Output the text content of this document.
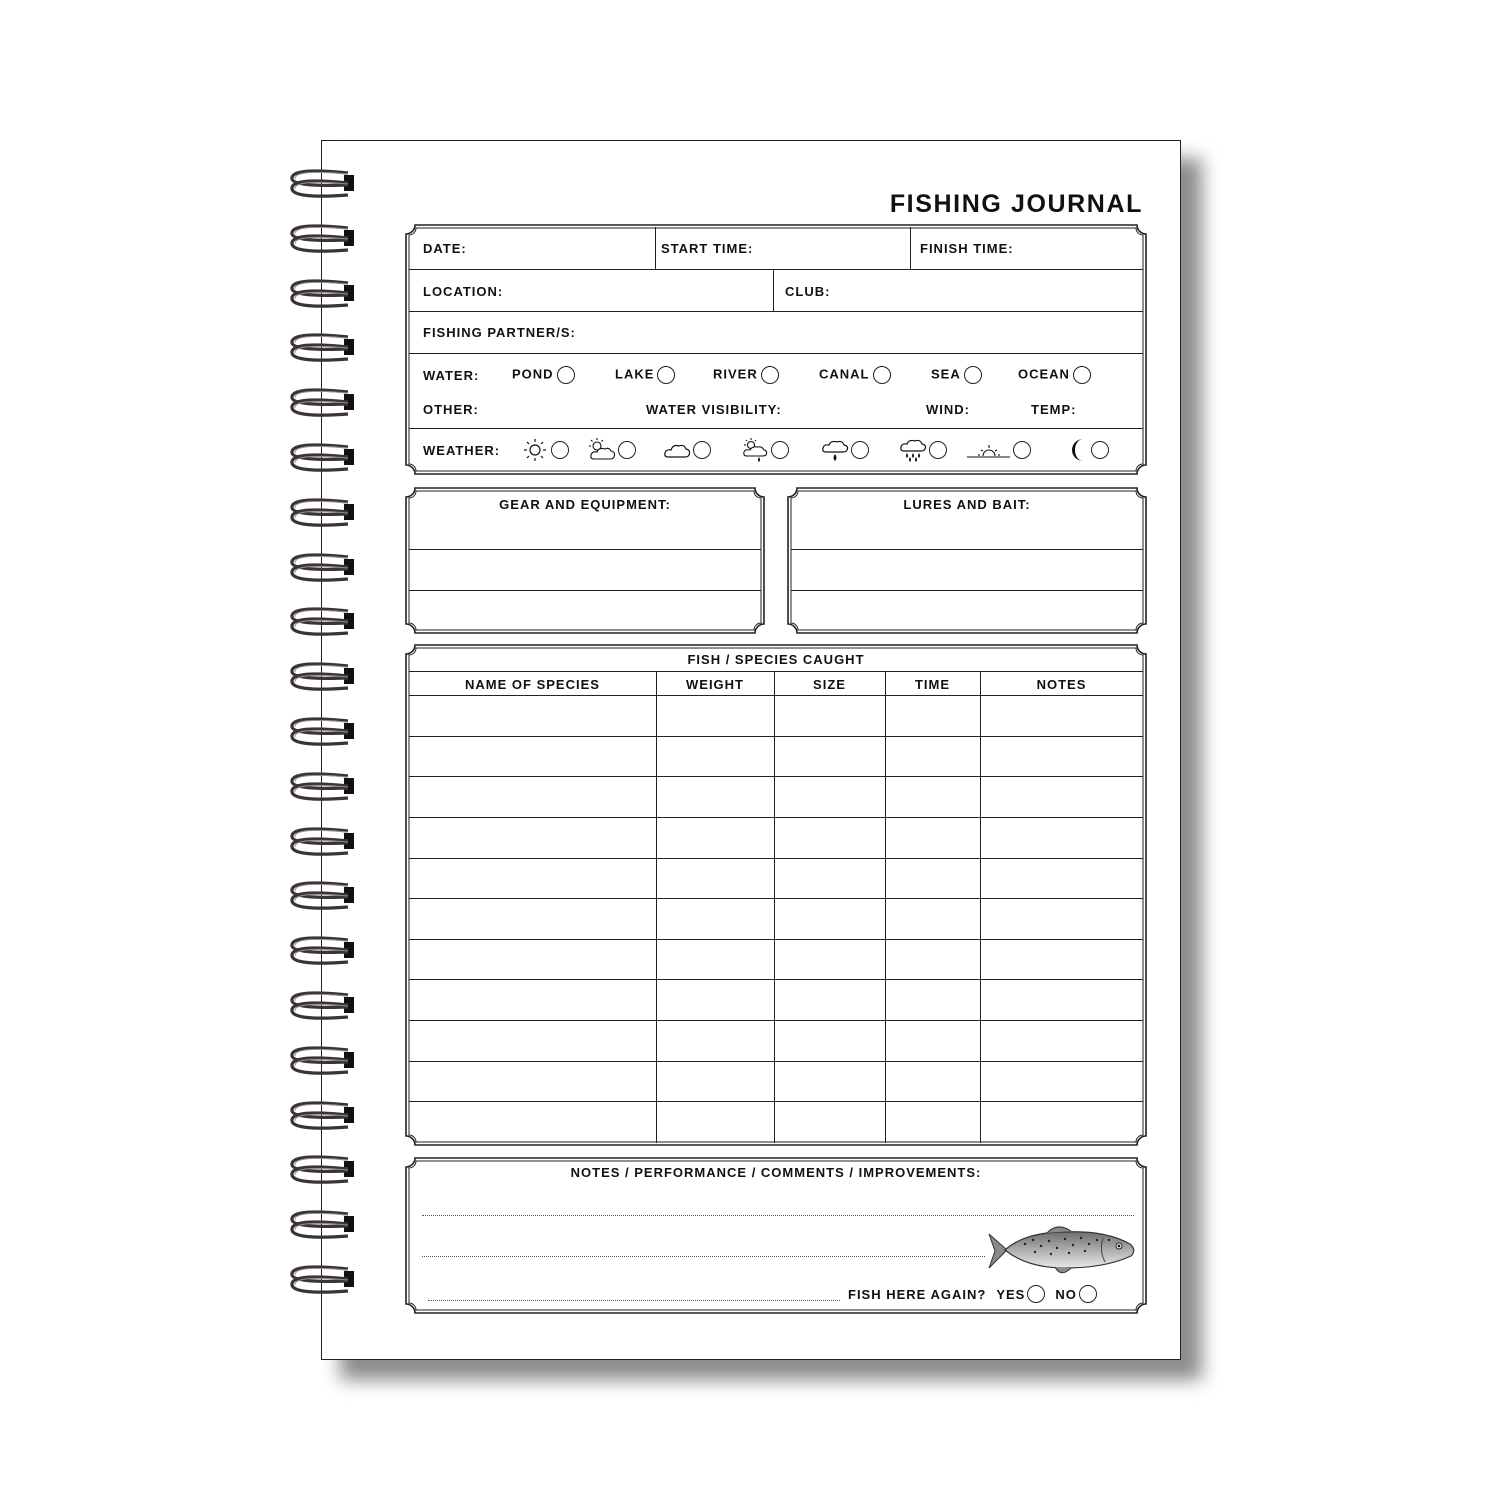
FISHING JOURNAL
DATE:	START TIME:	FINISH TIME:
LOCATION:	CLUB:
FISHING PARTNER/S:
WATER:	POND	LAKE	RIVER	CANAL	SEA	OCEAN
OTHER:	WATER VISIBILITY:	WIND:	TEMP:
WEATHER:
GEAR AND EQUIPMENT:	LURES AND BAIT:
FISH / SPECIES CAUGHT
NAME OF SPECIES	WEIGHT	SIZE	TIME	NOTES
NOTES / PERFORMANCE / COMMENTS / IMPROVEMENTS:
FISH HERE AGAIN? YES NO
